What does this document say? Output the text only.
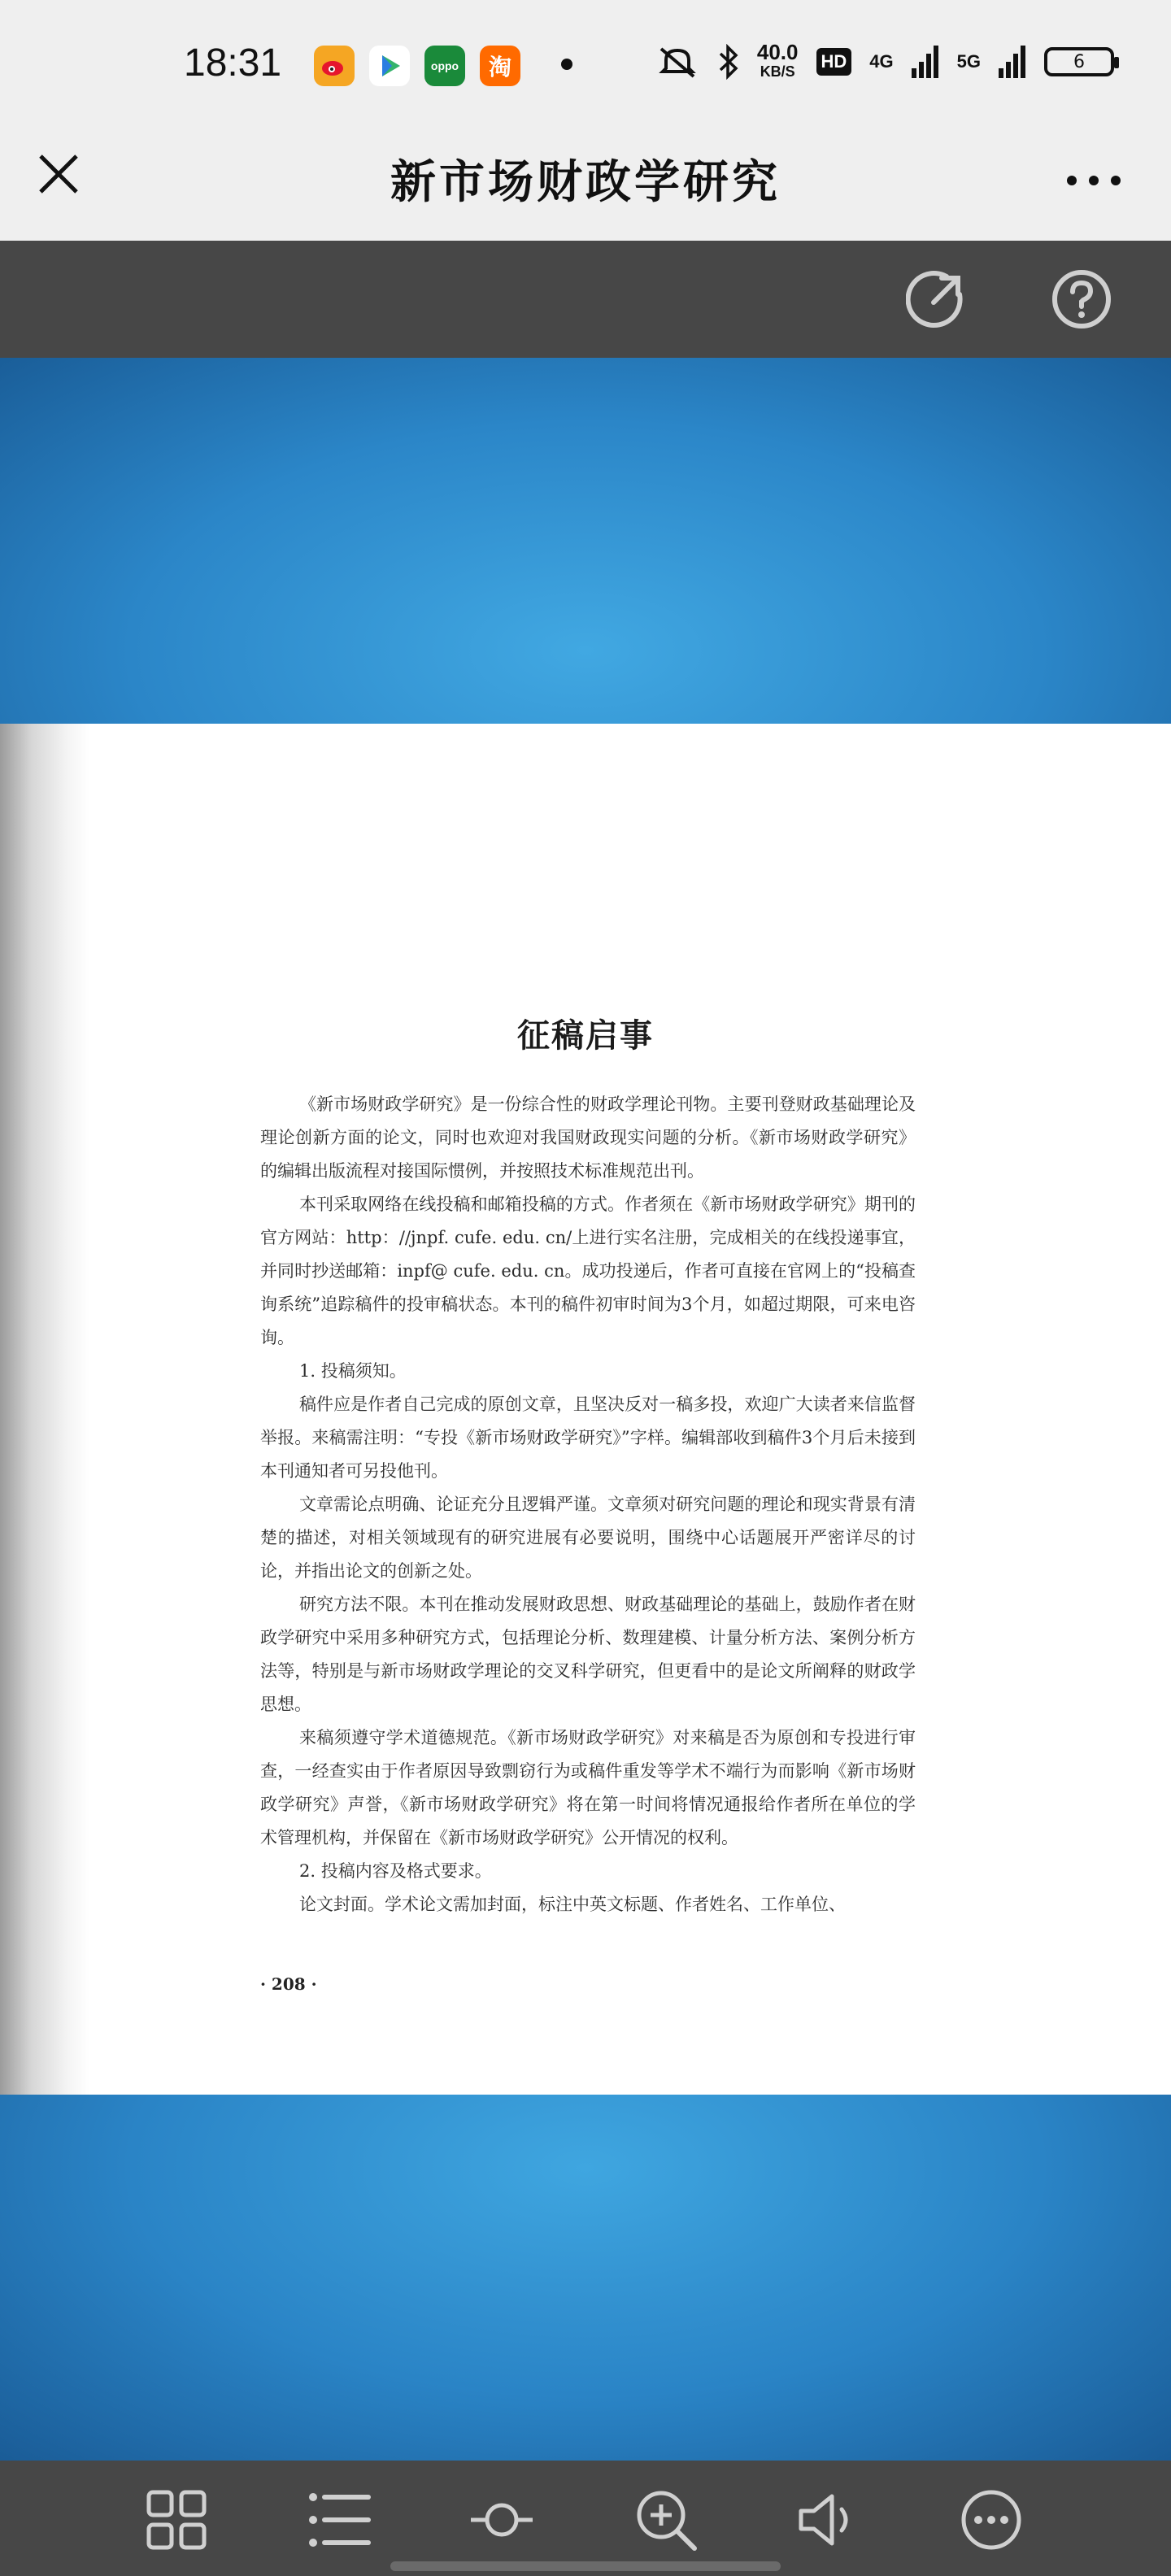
18:31	oppo 淘
40.0
KB/S HD 4G	5G	6
新市场财政学研究
征稿启事

《新市场财政学研究》是一份综合性的财政学理论刊物。主要刊登财政基础理论及理论创新方面的论文，同时也欢迎对我国财政现实问题的分析。《新市场财政学研究》的编辑出版流程对接国际惯例，并按照技术标准规范出刊。

本刊采取网络在线投稿和邮箱投稿的方式。作者须在《新市场财政学研究》期刊的官方网站：http：//jnpf. cufe. edu. cn/上进行实名注册，完成相关的在线投递事宜，并同时抄送邮箱：inpf@ cufe. edu. cn。成功投递后，作者可直接在官网上的“投稿查询系统”追踪稿件的投审稿状态。本刊的稿件初审时间为3个月，如超过期限，可来电咨询。

1. 投稿须知。

稿件应是作者自己完成的原创文章，且坚决反对一稿多投，欢迎广大读者来信监督举报。来稿需注明：“专投《新市场财政学研究》”字样。编辑部收到稿件3个月后未接到本刊通知者可另投他刊。

文章需论点明确、论证充分且逻辑严谨。文章须对研究问题的理论和现实背景有清楚的描述，对相关领域现有的研究进展有必要说明，围绕中心话题展开严密详尽的讨论，并指出论文的创新之处。

研究方法不限。本刊在推动发展财政思想、财政基础理论的基础上，鼓励作者在财政学研究中采用多种研究方式，包括理论分析、数理建模、计量分析方法、案例分析方法等，特别是与新市场财政学理论的交叉科学研究，但更看中的是论文所阐释的财政学思想。

来稿须遵守学术道德规范。《新市场财政学研究》对来稿是否为原创和专投进行审查，一经查实由于作者原因导致剽窃行为或稿件重发等学术不端行为而影响《新市场财政学研究》声誉，《新市场财政学研究》将在第一时间将情况通报给作者所在单位的学术管理机构，并保留在《新市场财政学研究》公开情况的权利。

2. 投稿内容及格式要求。

论文封面。学术论文需加封面，标注中英文标题、作者姓名、工作单位、

· 208 ·
